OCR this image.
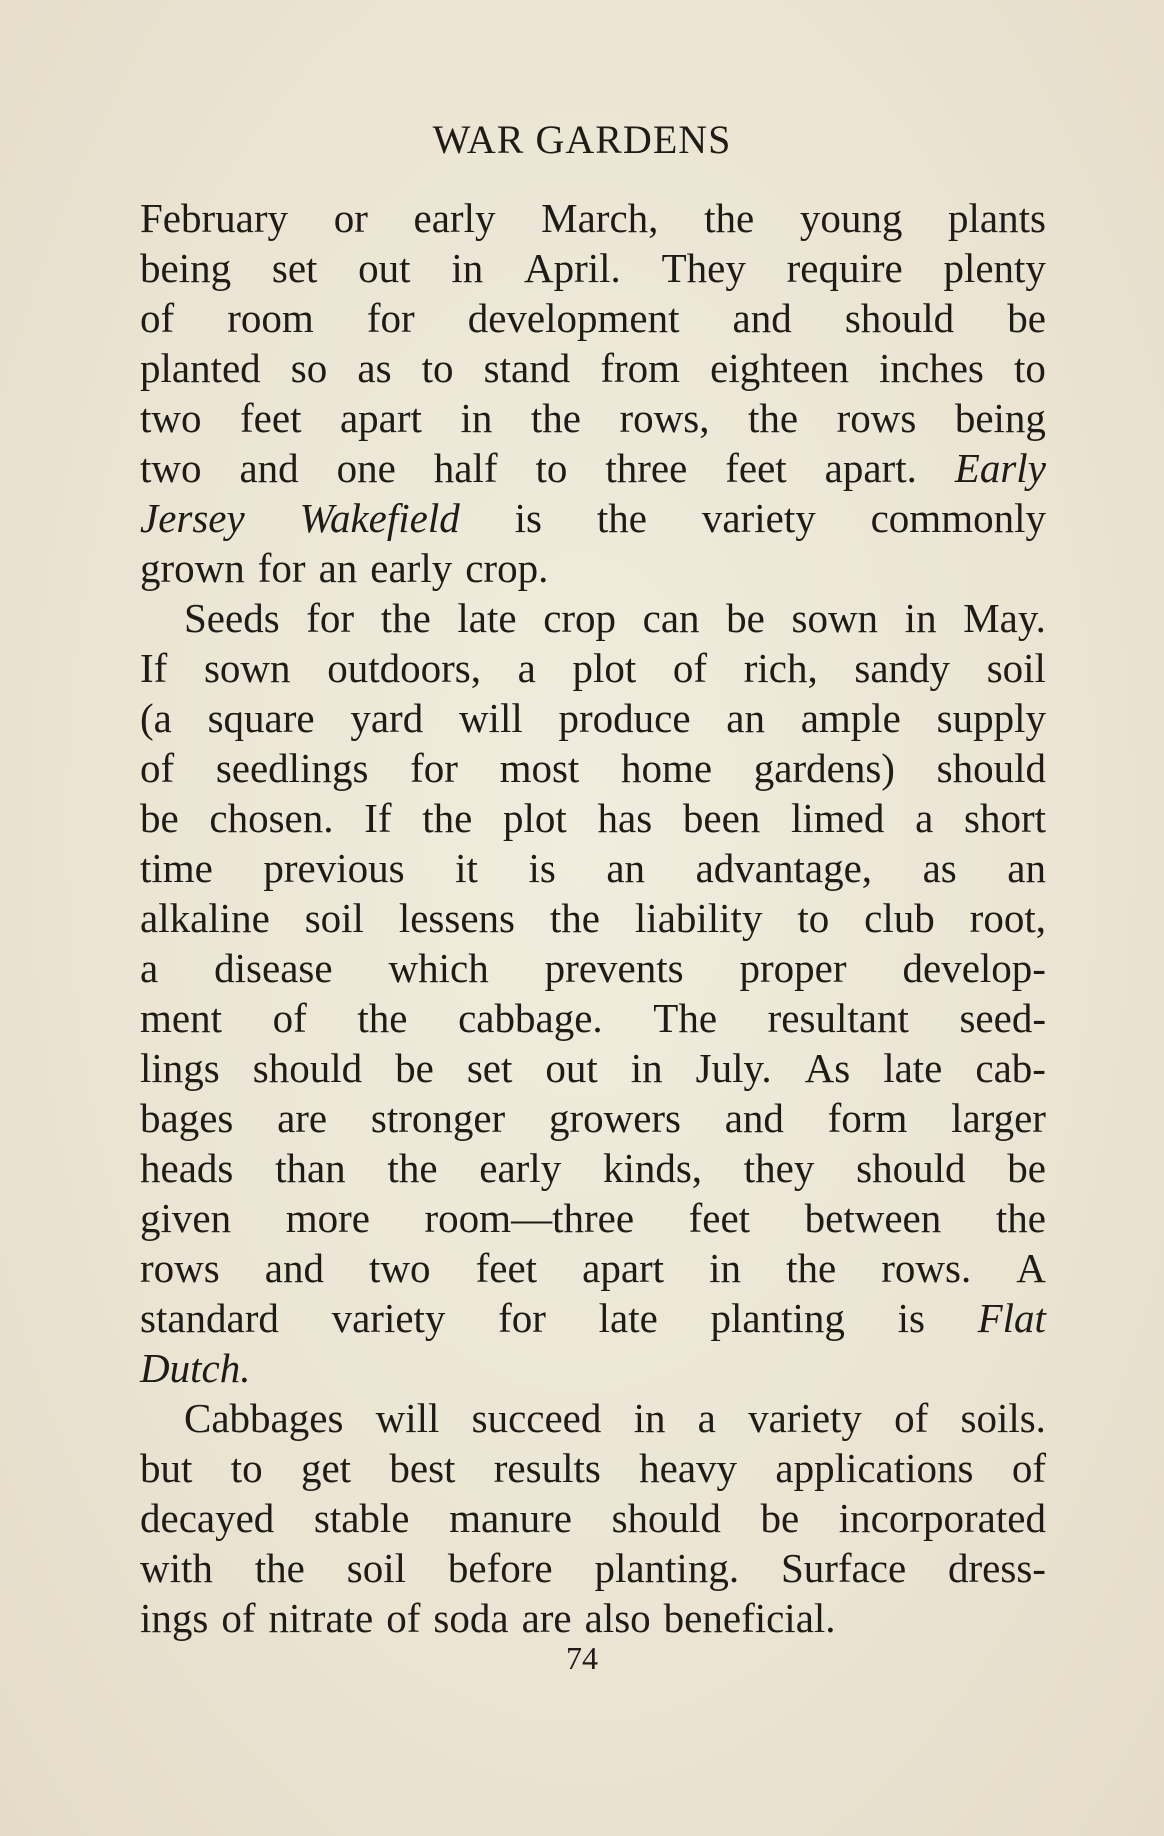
WAR GARDENS
February or early March, the young plants
being set out in April. They require plenty
of room for development and should be
planted so as to stand from eighteen inches to
two feet apart in the rows, the rows being
two and one half to three feet apart. Early
Jersey Wakefield is the variety commonly
grown for an early crop.
Seeds for the late crop can be sown in May.
If sown outdoors, a plot of rich, sandy soil
(a square yard will produce an ample supply
of seedlings for most home gardens) should
be chosen. If the plot has been limed a short
time previous it is an advantage, as an
alkaline soil lessens the liability to club root,
a disease which prevents proper develop-
ment of the cabbage. The resultant seed-
lings should be set out in July. As late cab-
bages are stronger growers and form larger
heads than the early kinds, they should be
given more room—three feet between the
rows and two feet apart in the rows. A
standard variety for late planting is Flat
Dutch.
Cabbages will succeed in a variety of soils.
but to get best results heavy applications of
decayed stable manure should be incorporated
with the soil before planting. Surface dress-
ings of nitrate of soda are also beneficial.
74
